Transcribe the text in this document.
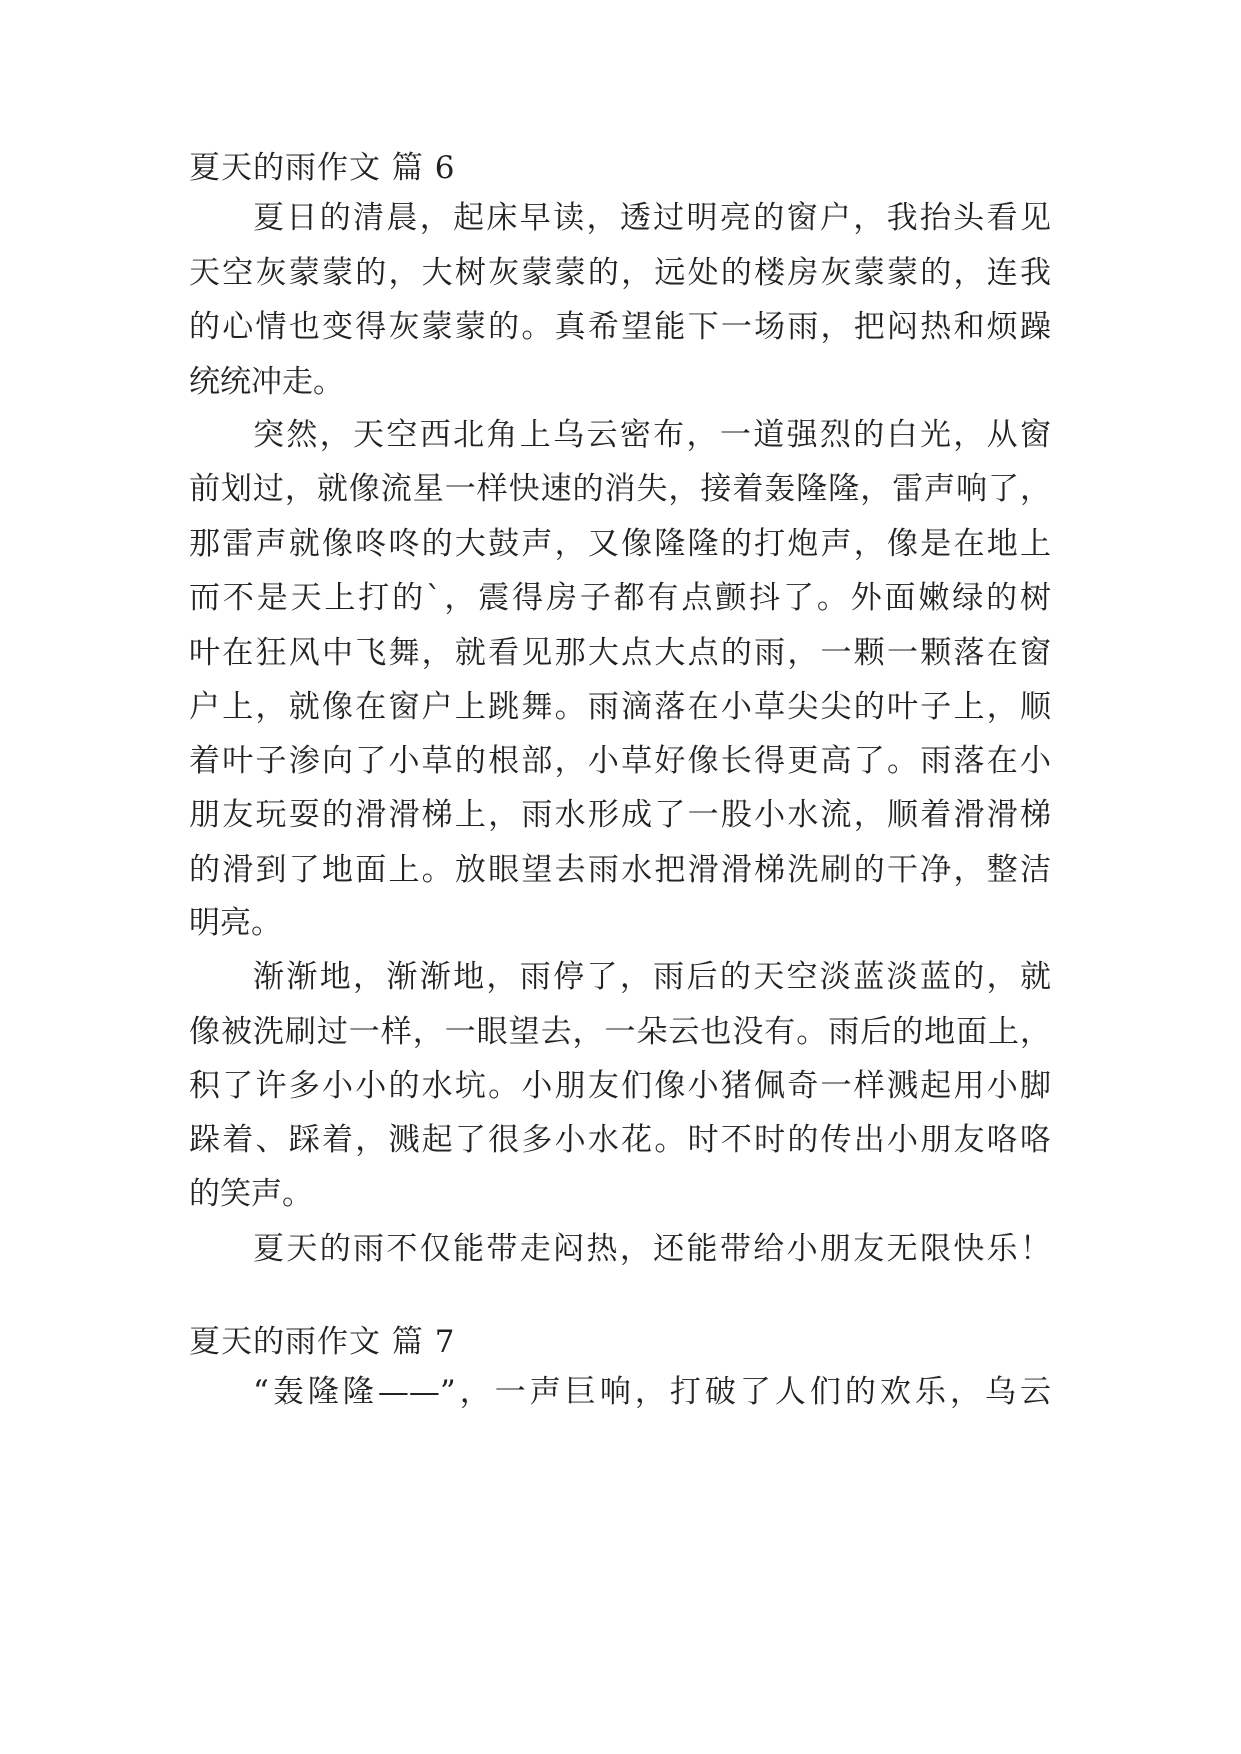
夏天的雨作文 篇 6
夏日的清晨，起床早读，透过明亮的窗户，我抬头看见
天空灰蒙蒙的，大树灰蒙蒙的，远处的楼房灰蒙蒙的，连我
的心情也变得灰蒙蒙的。真希望能下一场雨，把闷热和烦躁
统统冲走。
突然，天空西北角上乌云密布，一道强烈的白光，从窗
前划过，就像流星一样快速的消失，接着轰隆隆，雷声响了，
那雷声就像咚咚的大鼓声，又像隆隆的打炮声，像是在地上
而不是天上打的`，震得房子都有点颤抖了。外面嫩绿的树
叶在狂风中飞舞，就看见那大点大点的雨，一颗一颗落在窗
户上，就像在窗户上跳舞。雨滴落在小草尖尖的叶子上，顺
着叶子渗向了小草的根部，小草好像长得更高了。雨落在小
朋友玩耍的滑滑梯上，雨水形成了一股小水流，顺着滑滑梯
的滑到了地面上。放眼望去雨水把滑滑梯洗刷的干净，整洁
明亮。
渐渐地，渐渐地，雨停了，雨后的天空淡蓝淡蓝的，就
像被洗刷过一样，一眼望去，一朵云也没有。雨后的地面上，
积了许多小小的水坑。小朋友们像小猪佩奇一样溅起用小脚
跺着、踩着，溅起了很多小水花。时不时的传出小朋友咯咯
的笑声。
夏天的雨不仅能带走闷热，还能带给小朋友无限快乐！
夏天的雨作文 篇 7
“轰隆隆——”，一声巨响，打破了人们的欢乐，乌云
